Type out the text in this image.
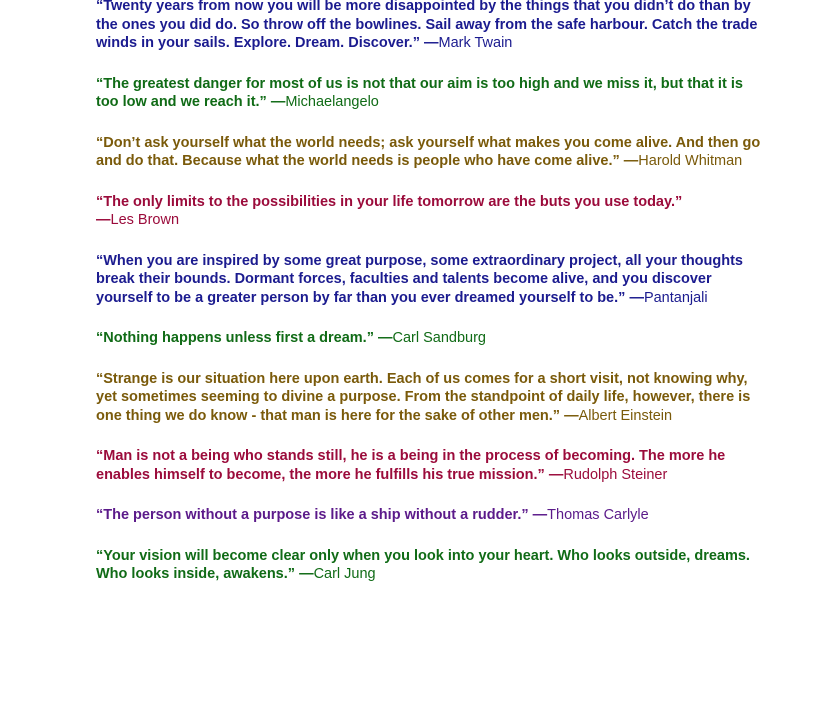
“Twenty years from now you will be more disappointed by the things that you didn’t do than by the ones you did do. So throw off the bowlines. Sail away from the safe harbour. Catch the trade winds in your sails. Explore. Dream. Discover.” —Mark Twain

“The greatest danger for most of us is not that our aim is too high and we miss it, but that it is too low and we reach it.” —Michaelangelo

“Don’t ask yourself what the world needs; ask yourself what makes you come alive. And then go and do that. Because what the world needs is people who have come alive.” —Harold Whitman

“The only limits to the possibilities in your life tomorrow are the buts you use today.” —Les Brown

“When you are inspired by some great purpose, some extraordinary project, all your thoughts break their bounds. Dormant forces, faculties and talents become alive, and you discover yourself to be a greater person by far than you ever dreamed yourself to be.” —Pantanjali

“Nothing happens unless first a dream.” —Carl Sandburg

“Strange is our situation here upon earth. Each of us comes for a short visit, not knowing why, yet sometimes seeming to divine a purpose. From the standpoint of daily life, however, there is one thing we do know - that man is here for the sake of other men.” —Albert Einstein

“Man is not a being who stands still, he is a being in the process of becoming. The more he enables himself to become, the more he fulfills his true mission.” —Rudolph Steiner

“The person without a purpose is like a ship without a rudder.” —Thomas Carlyle

“Your vision will become clear only when you look into your heart. Who looks outside, dreams. Who looks inside, awakens.” —Carl Jung
